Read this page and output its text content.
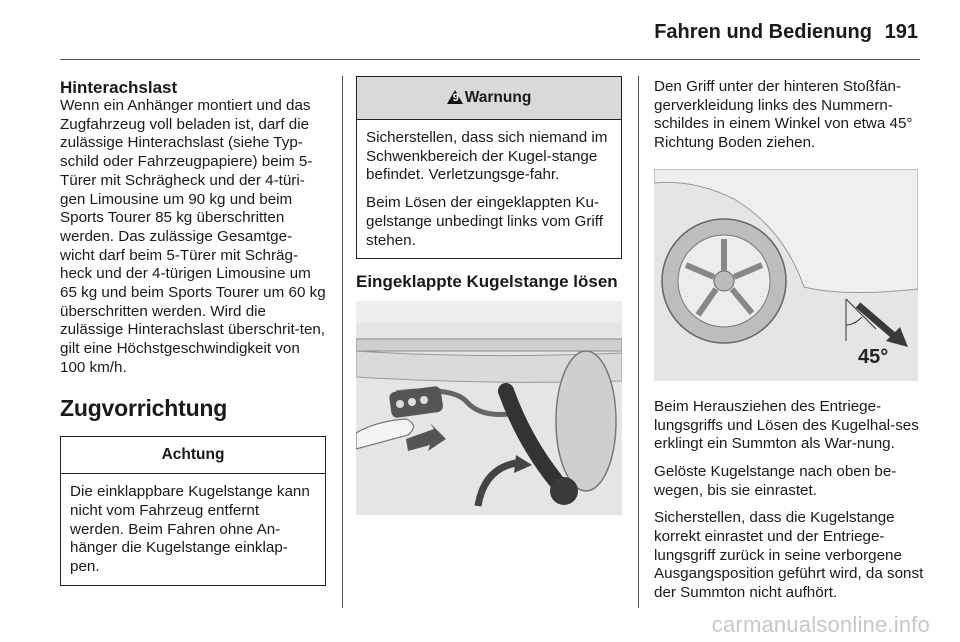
Fahren und Bedienung 191

Hinterachslast

Wenn ein Anhänger montiert und das Zugfahrzeug voll beladen ist, darf die zulässige Hinterachslast (siehe Typ-schild oder Fahrzeugpapiere) beim 5-Türer mit Schrägheck und der 4-türi-gen Limousine um 90 kg und beim Sports Tourer 85 kg überschritten werden. Das zulässige Gesamtge-wicht darf beim 5-Türer mit Schräg-heck und der 4-türigen Limousine um 65 kg und beim Sports Tourer um 60 kg überschritten werden. Wird die zulässige Hinterachslast überschrit-ten, gilt eine Höchstgeschwindigkeit von 100 km/h.

Zugvorrichtung

Achtung

Die einklappbare Kugelstange kann nicht vom Fahrzeug entfernt werden. Beim Fahren ohne An-hänger die Kugelstange einklap-pen.

9 Warnung

Sicherstellen, dass sich niemand im Schwenkbereich der Kugel-stange befindet. Verletzungsge-fahr.

Beim Lösen der eingeklappten Ku-gelstange unbedingt links vom Griff stehen.

Eingeklappte Kugelstange lösen

Den Griff unter der hinteren Stoßfän-gerverkleidung links des Nummern-schildes in einem Winkel von etwa 45° Richtung Boden ziehen.

45°

Beim Herausziehen des Entriege-lungsgriffs und Lösen des Kugelhal-ses erklingt ein Summton als War-nung.

Gelöste Kugelstange nach oben be-wegen, bis sie einrastet.

Sicherstellen, dass die Kugelstange korrekt einrastet und der Entriege-lungsgriff zurück in seine verborgene Ausgangsposition geführt wird, da sonst der Summton nicht aufhört.

carmanualsonline.info
